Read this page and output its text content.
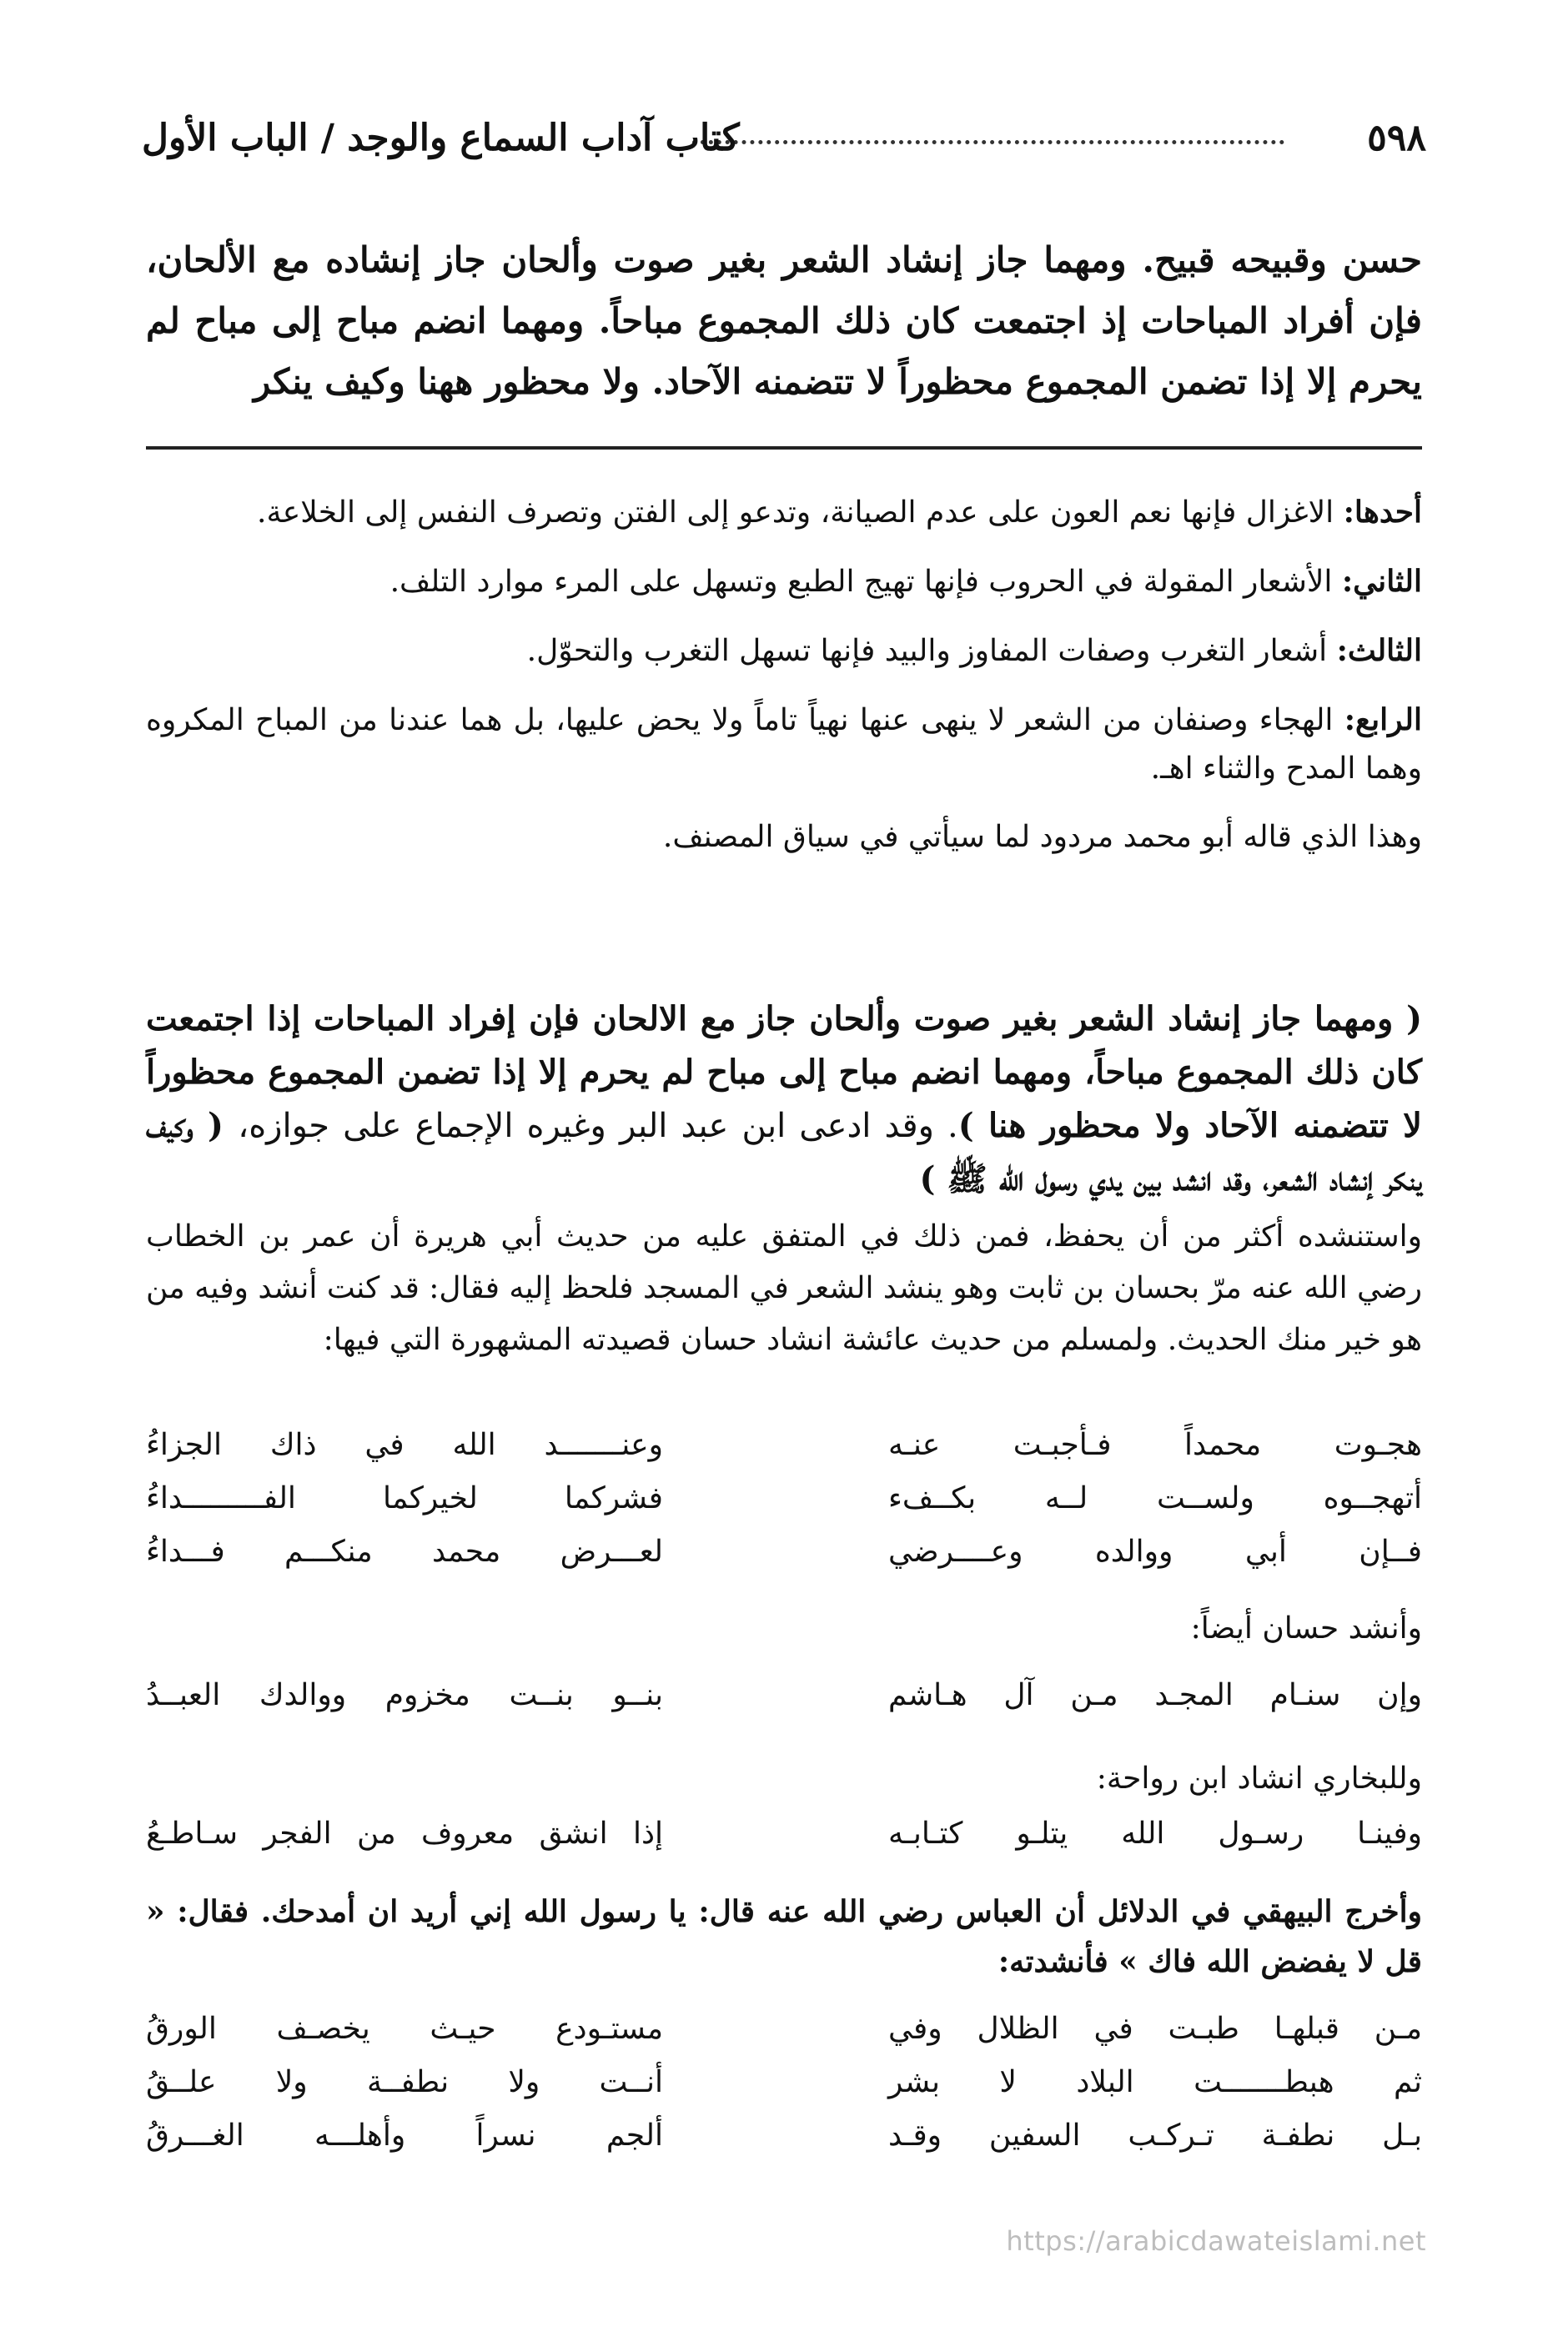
٥٩٨
كتاب آداب السماع والوجد / الباب الأول
حسن وقبيحه قبيح. ومهما جاز إنشاد الشعر بغير صوت وألحان جاز إنشاده مع الألحان، فإن أفراد المباحات إذ اجتمعت كان ذلك المجموع مباحاً. ومهما انضم مباح إلى مباح لم يحرم إلا إذا تضمن المجموع محظوراً لا تتضمنه الآحاد. ولا محظور ههنا وكيف ينكر

أحدها: الاغزال فإنها نعم العون على عدم الصيانة، وتدعو إلى الفتن وتصرف النفس إلى الخلاعة.

الثاني: الأشعار المقولة في الحروب فإنها تهيج الطبع وتسهل على المرء موارد التلف.

الثالث: أشعار التغرب وصفات المفاوز والبيد فإنها تسهل التغرب والتحوّل.

الرابع: الهجاء وصنفان من الشعر لا ينهى عنها نهياً تاماً ولا يحض عليها، بل هما عندنا من المباح المكروه وهما المدح والثناء اهـ.

وهذا الذي قاله أبو محمد مردود لما سيأتي في سياق المصنف.

( ومهما جاز إنشاد الشعر بغير صوت وألحان جاز مع الالحان فإن إفراد المباحات إذا اجتمعت كان ذلك المجموع مباحاً، ومهما انضم مباح إلى مباح لم يحرم إلا إذا تضمن المجموع محظوراً لا تتضمنه الآحاد ولا محظور هنا ). وقد ادعى ابن عبد البر وغيره الإجماع على جوازه، ( وكيف ينكر إنشاد الشعر، وقد انشد بين يدي رسول الله ﷺ )
واستنشده أكثر من أن يحفظ، فمن ذلك في المتفق عليه من حديث أبي هريرة أن عمر بن الخطاب رضي الله عنه مرّ بحسان بن ثابت وهو ينشد الشعر في المسجد فلحظ إليه فقال: قد كنت أنشد وفيه من هو خير منك الحديث. ولمسلم من حديث عائشة انشاد حسان قصيدته المشهورة التي فيها:
هجـوت محمداً فـأجبـت عنـه
وعنـــــــد الله في ذاك الجزاءُ
أتهجــوه ولســت لــه بكــفء
فشركما لخيركما الفـــــــــداءُ
فــإن أبي ووالده وعــــرضي
لعـــرض محمد منكـــم فـــداءُ
وأنشد حسان أيضاً:
وإن سنـام المجـد مـن آل هـاشم
بنــو بنــت مخزوم ووالدك العبــدُ
وللبخاري انشاد ابن رواحة:
وفينـا رسـول الله يتلـو كتـابـه
إذا انشق معروف من الفجر سـاطـعُ
وأخرج البيهقي في الدلائل أن العباس رضي الله عنه قال: يا رسول الله إني أريد ان أمدحك. فقال: « قل لا يفضض الله فاك » فأنشدته:
مـن قبلهـا طبـت في الظلال وفي
مستـودع حيـث يخصـف الورقُ
ثم هبطـــــــت البلاد لا بشر
أنــت ولا نطفــة ولا علــقُ
بـل نطفـة تـركـب السفين وقـد
ألجم نسراً وأهلـــه الغـــرقُ
https://arabicdawateislami.net
